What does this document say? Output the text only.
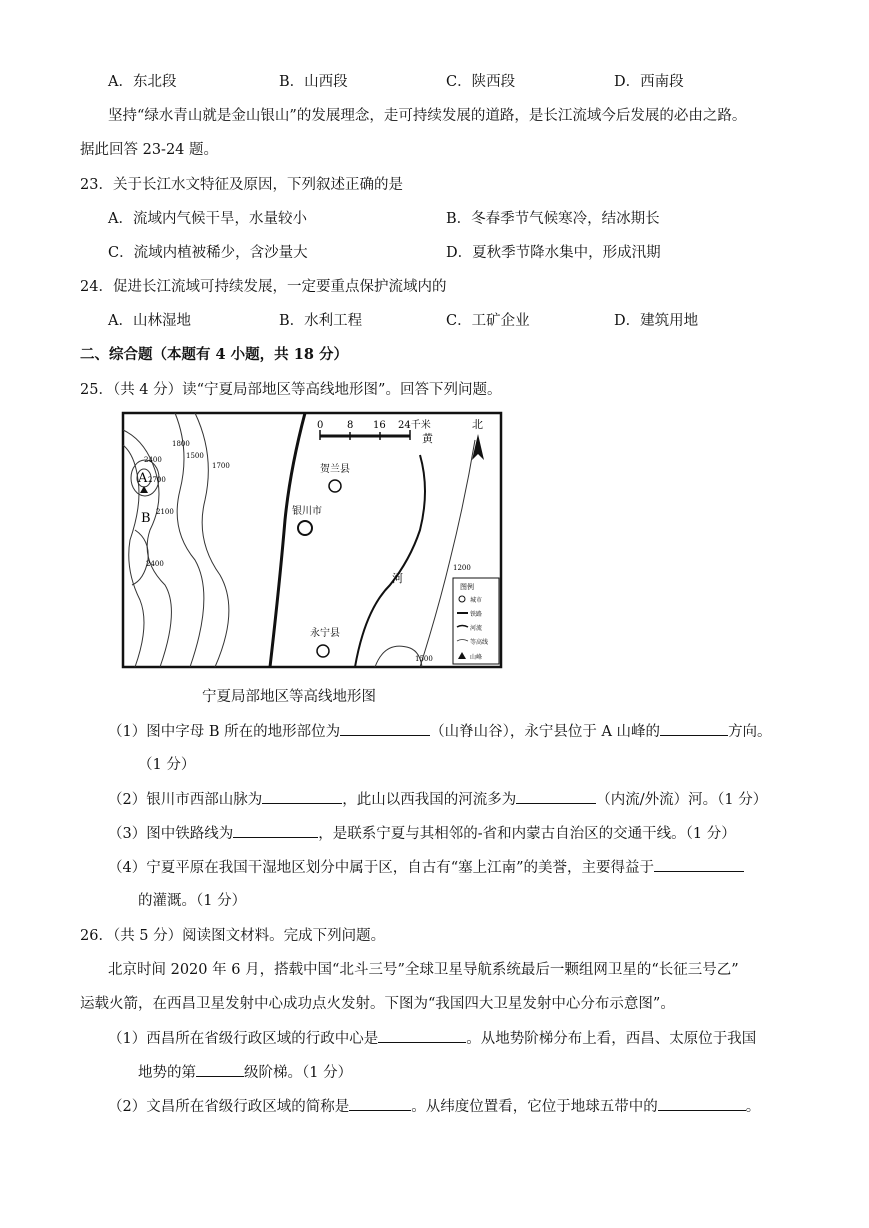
A．东北段	B．山西段	C．陕西段	D．西南段
坚持“绿水青山就是金山银山”的发展理念，走可持续发展的道路，是长江流域今后发展的必由之路。
据此回答 23-24 题。
23．关于长江水文特征及原因，下列叙述正确的是
A．流域内气候干旱，水量较小	B．冬春季节气候寒冷，结冰期长
C．流域内植被稀少，含沙量大	D．夏秋季节降水集中，形成汛期
24．促进长江流域可持续发展，一定要重点保护流域内的
A．山林湿地	B．水利工程	C．工矿企业	D．建筑用地
二、综合题（本题有 4 小题，共 18 分）
25．（共 4 分）读“宁夏局部地区等高线地形图”。回答下列问题。
0 8 16 24千米	北
1800
1500
1700
2400
2700
2100
2400	1200
1500
A
B
贺兰县
银川市
永宁县
黄
河
图例
城市
铁路
河流
等高线
山峰
宁夏局部地区等高线地形图
（1）图中字母 B 所在的地形部位为	（山脊山谷），永宁县位于 A 山峰的	方向。
（1 分）
（2）银川市西部山脉为	，此山以西我国的河流多为	（内流/外流）河。（1 分）
（3）图中铁路线为	，是联系宁夏与其相邻的-省和内蒙古自治区的交通干线。（1 分）
（4）宁夏平原在我国干湿地区划分中属于区，自古有“塞上江南”的美誉，主要得益于
的灌溉。（1 分）
26．（共 5 分）阅读图文材料。完成下列问题。
北京时间 2020 年 6 月，搭载中国“北斗三号”全球卫星导航系统最后一颗组网卫星的“长征三号乙”
运载火箭，在西昌卫星发射中心成功点火发射。下图为“我国四大卫星发射中心分布示意图”。
（1）西昌所在省级行政区域的行政中心是	。从地势阶梯分布上看，西昌、太原位于我国
地势的第	级阶梯。（1 分）
（2）文昌所在省级行政区域的简称是	。从纬度位置看，它位于地球五带中的	。
